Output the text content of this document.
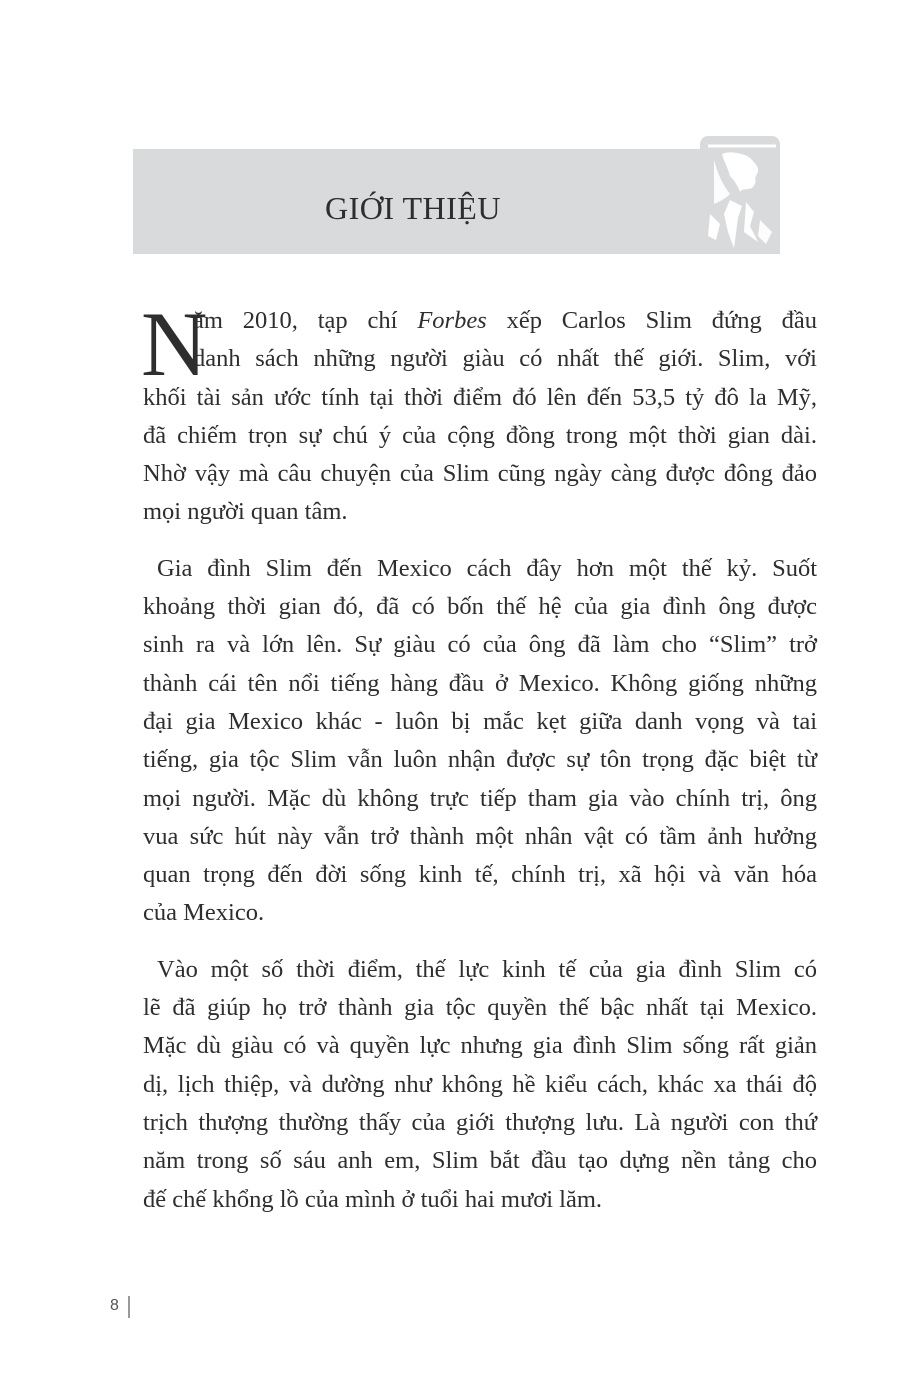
GIỚI THIỆU
N
ăm 2010, tạp chí Forbes xếp Carlos Slim đứng đầu
danh sách những người giàu có nhất thế giới. Slim, với
khối tài sản ước tính tại thời điểm đó lên đến 53,5 tỷ đô la Mỹ,
đã chiếm trọn sự chú ý của cộng đồng trong một thời gian dài.
Nhờ vậy mà câu chuyện của Slim cũng ngày càng được đông đảo
mọi người quan tâm.
Gia đình Slim đến Mexico cách đây hơn một thế kỷ. Suốt
khoảng thời gian đó, đã có bốn thế hệ của gia đình ông được
sinh ra và lớn lên. Sự giàu có của ông đã làm cho “Slim” trở
thành cái tên nổi tiếng hàng đầu ở Mexico. Không giống những
đại gia Mexico khác - luôn bị mắc kẹt giữa danh vọng và tai
tiếng, gia tộc Slim vẫn luôn nhận được sự tôn trọng đặc biệt từ
mọi người. Mặc dù không trực tiếp tham gia vào chính trị, ông
vua sức hút này vẫn trở thành một nhân vật có tầm ảnh hưởng
quan trọng đến đời sống kinh tế, chính trị, xã hội và văn hóa
của Mexico.
Vào một số thời điểm, thế lực kinh tế của gia đình Slim có
lẽ đã giúp họ trở thành gia tộc quyền thế bậc nhất tại Mexico.
Mặc dù giàu có và quyền lực nhưng gia đình Slim sống rất giản
dị, lịch thiệp, và dường như không hề kiểu cách, khác xa thái độ
trịch thượng thường thấy của giới thượng lưu. Là người con thứ
năm trong số sáu anh em, Slim bắt đầu tạo dựng nền tảng cho
đế chế khổng lồ của mình ở tuổi hai mươi lăm.
8
